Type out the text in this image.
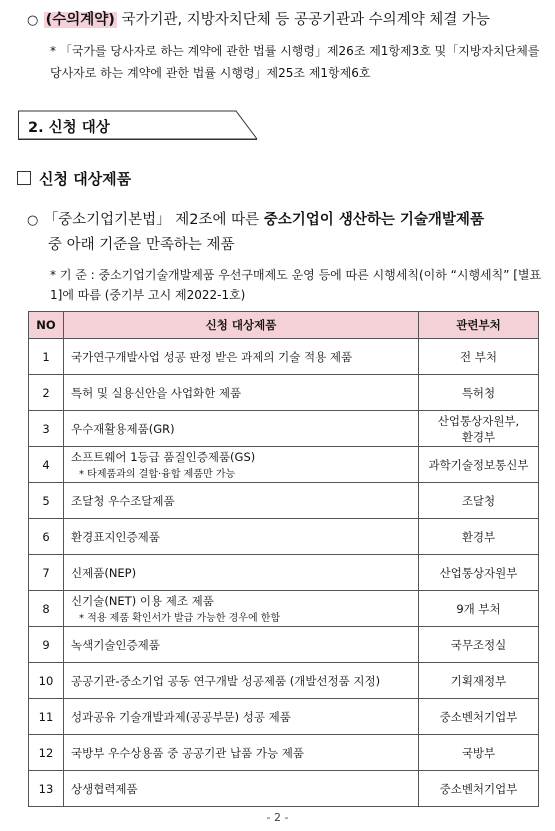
○ (수의계약) 국가기관, 지방자치단체 등 공공기관과 수의계약 체결 가능
* 「국가를 당사자로 하는 계약에 관한 법률 시행령」제26조 제1항제3호 및「지방자치단체를 당사자로 하는 계약에 관한 법률 시행령」제25조 제1항제6호
2. 신청 대상
신청 대상제품
○ 「중소기업기본법」 제2조에 따른 중소기업이 생산하는 기술개발제품
중 아래 기준을 만족하는 제품
* 기 준 : 중소기업기술개발제품 우선구매제도 운영 등에 따른 시행세칙(이하 “시행세칙” [별표 1]에 따름 (중기부 고시 제2022-1호)
NO	신청 대상제품	관련부처
1	국가연구개발사업 성공 판정 받은 과제의 기술 적용 제품	전 부처
2	특허 및 실용신안을 사업화한 제품	특허청
3	우수재활용제품(GR)	산업통상자원부,
환경부
4	소프트웨어 1등급 품질인증제품(GS)
* 타제품과의 결합·융합 제품만 가능	과학기술정보통신부
5	조달청 우수조달제품	조달청
6	환경표지인증제품	환경부
7	신제품(NEP)	산업통상자원부
8	신기술(NET) 이용 제조 제품
* 적용 제품 확인서가 발급 가능한 경우에 한함	9개 부처
9	녹색기술인증제품	국무조정실
10	공공기관-중소기업 공동 연구개발 성공제품 (개발선정품 지정)	기획재정부
11	성과공유 기술개발과제(공공부문) 성공 제품	중소벤처기업부
12	국방부 우수상용품 중 공공기관 납품 가능 제품	국방부
13	상생협력제품	중소벤처기업부
- 2 -
